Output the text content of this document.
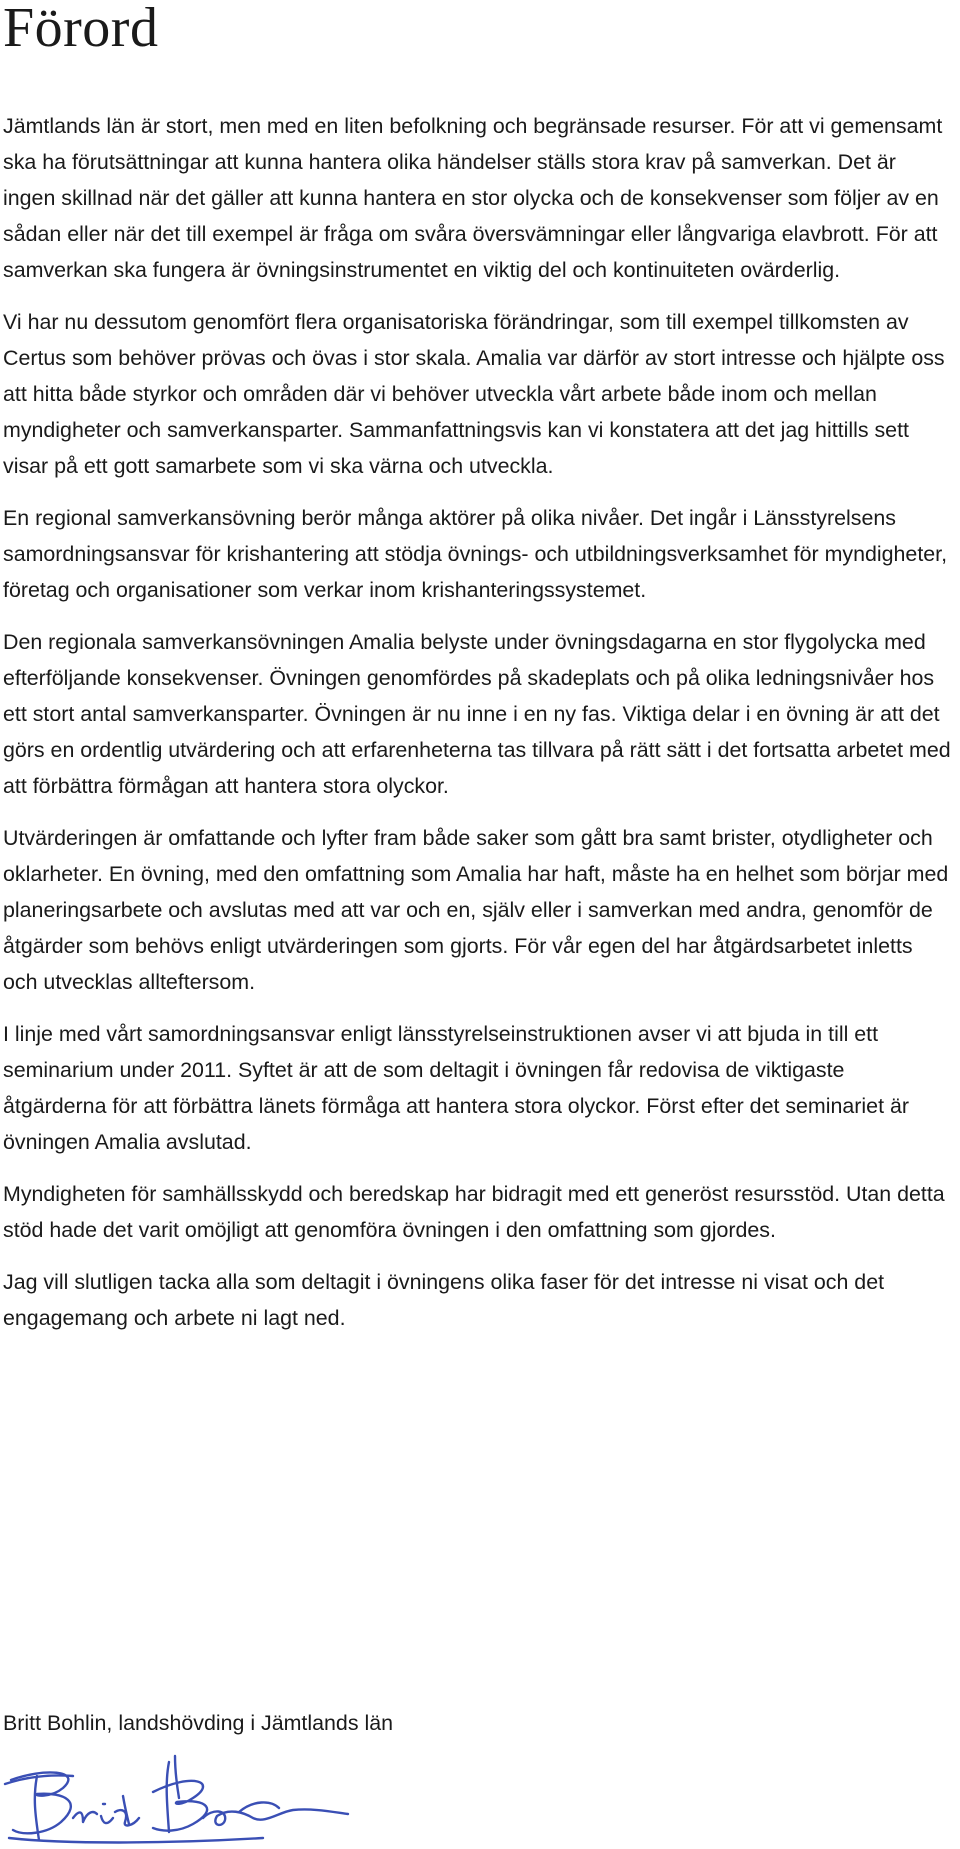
Förord

Jämtlands län är stort, men med en liten befolkning och begränsade resurser. För att vi gemensamt ska ha förutsättningar att kunna hantera olika händelser ställs stora krav på samverkan. Det är ingen skillnad när det gäller att kunna hantera en stor olycka och de konsekvenser som följer av en sådan eller när det till exempel är fråga om svåra översvämningar eller långvariga elavbrott. För att samverkan ska fungera är övningsinstrumentet en viktig del och kontinuiteten ovärderlig.

Vi har nu dessutom genomfört flera organisatoriska förändringar, som till exempel tillkomsten av Certus som behöver prövas och övas i stor skala. Amalia var därför av stort intresse och hjälpte oss att hitta både styrkor och områden där vi behöver utveckla vårt arbete både inom och mellan myndigheter och samverkansparter. Sammanfattningsvis kan vi konstatera att det jag hittills sett visar på ett gott samarbete som vi ska värna och utveckla.

En regional samverkansövning berör många aktörer på olika nivåer. Det ingår i Länsstyrelsens samordningsansvar för krishantering att stödja övnings- och utbildningsverksamhet för myndigheter, företag och organisationer som verkar inom krishanteringssystemet.

Den regionala samverkansövningen Amalia belyste under övningsdagarna en stor flygolycka med efterföljande konsekvenser. Övningen genomfördes på skadeplats och på olika ledningsnivåer hos ett stort antal samverkansparter. Övningen är nu inne i en ny fas. Viktiga delar i en övning är att det görs en ordentlig utvärdering och att erfarenheterna tas tillvara på rätt sätt i det fortsatta arbetet med att förbättra förmågan att hantera stora olyckor.

Utvärderingen är omfattande och lyfter fram både saker som gått bra samt brister, otydligheter och oklarheter. En övning, med den omfattning som Amalia har haft, måste ha en helhet som börjar med planeringsarbete och avslutas med att var och en, själv eller i samverkan med andra, genomför de åtgärder som behövs enligt utvärderingen som gjorts. För vår egen del har åtgärdsarbetet inletts och utvecklas allteftersom.

I linje med vårt samordningsansvar enligt länsstyrelseinstruktionen avser vi att bjuda in till ett seminarium under 2011. Syftet är att de som deltagit i övningen får redovisa de viktigaste åtgärderna för att förbättra länets förmåga att hantera stora olyckor. Först efter det seminariet är övningen Amalia avslutad.

Myndigheten för samhällsskydd och beredskap har bidragit med ett generöst resursstöd. Utan detta stöd hade det varit omöjligt att genomföra övningen i den omfattning som gjordes.

Jag vill slutligen tacka alla som deltagit i övningens olika faser för det intresse ni visat och det engagemang och arbete ni lagt ned.

Britt Bohlin, landshövding i Jämtlands län
